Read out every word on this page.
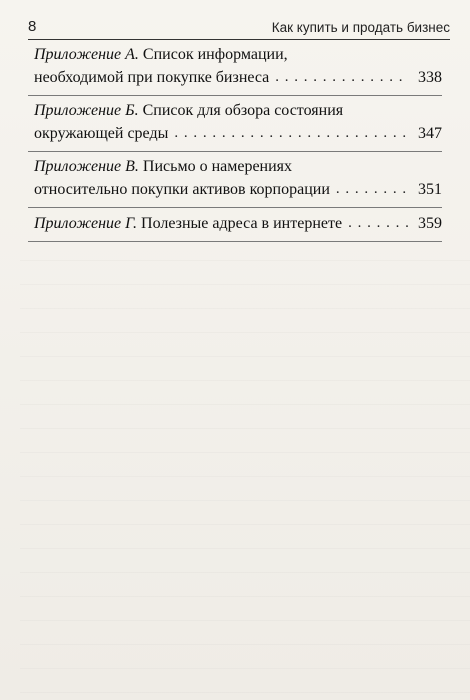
8	Как купить и продать бизнес
Приложение А. Список информации,
необходимой при покупке бизнеса . . .	338
Приложение Б. Список для обзора состояния
окружающей среды . . .	347
Приложение В. Письмо о намерениях
относительно покупки активов корпорации . . .	351
Приложение Г. Полезные адреса в интернете . . .	359
